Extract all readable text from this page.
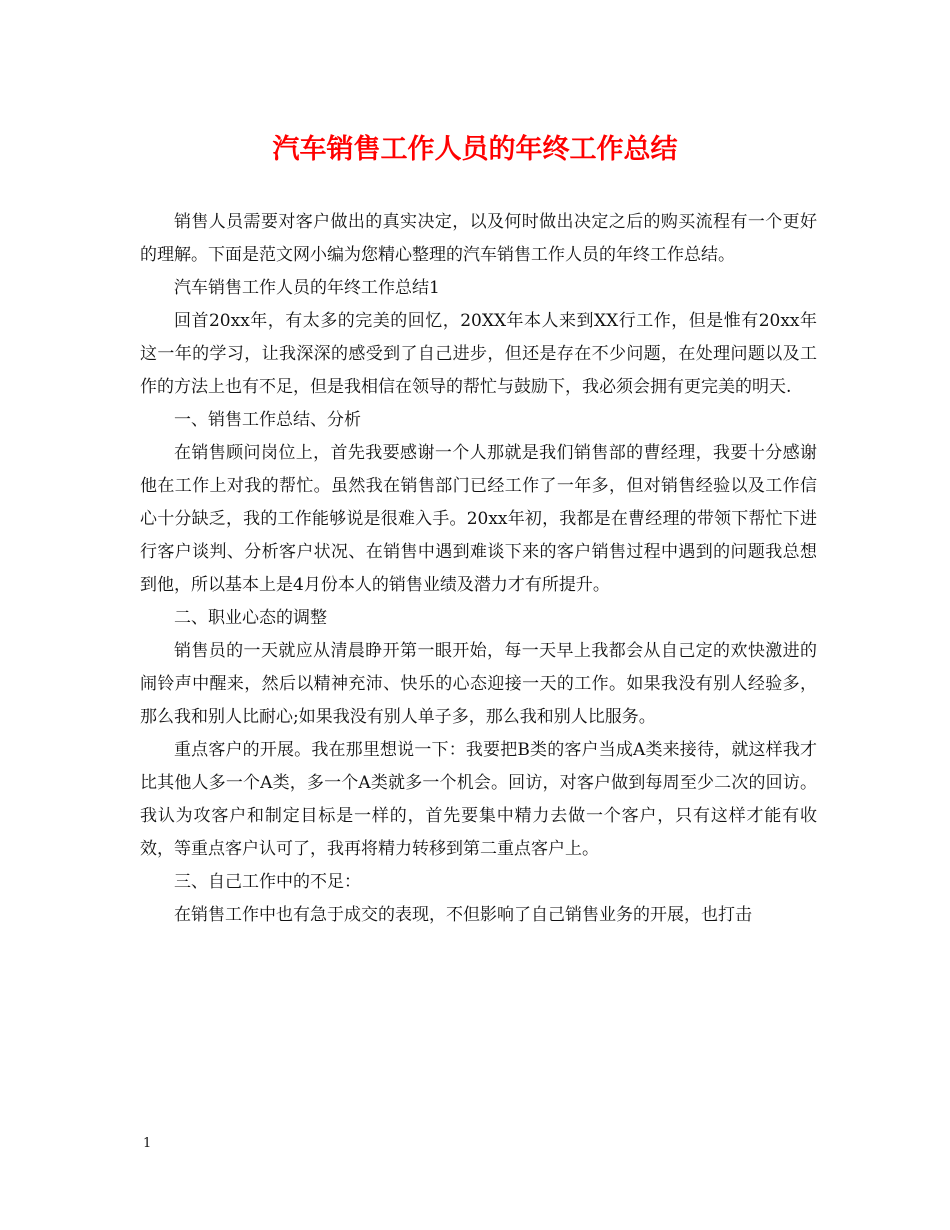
汽车销售工作人员的年终工作总结

销售人员需要对客户做出的真实决定，以及何时做出决定之后的购买流程有一个更好的理解。下面是范文网小编为您精心整理的汽车销售工作人员的年终工作总结。

汽车销售工作人员的年终工作总结1

回首20xx年，有太多的完美的回忆，20XX年本人来到XX行工作，但是惟有20xx年这一年的学习，让我深深的感受到了自己进步，但还是存在不少问题，在处理问题以及工作的方法上也有不足，但是我相信在领导的帮忙与鼓励下，我必须会拥有更完美的明天.

一、销售工作总结、分析

在销售顾问岗位上，首先我要感谢一个人那就是我们销售部的曹经理，我要十分感谢他在工作上对我的帮忙。虽然我在销售部门已经工作了一年多，但对销售经验以及工作信心十分缺乏，我的工作能够说是很难入手。20xx年初，我都是在曹经理的带领下帮忙下进行客户谈判、分析客户状况、在销售中遇到难谈下来的客户销售过程中遇到的问题我总想到他，所以基本上是4月份本人的销售业绩及潜力才有所提升。

二、职业心态的调整

销售员的一天就应从清晨睁开第一眼开始，每一天早上我都会从自己定的欢快激进的闹铃声中醒来，然后以精神充沛、快乐的心态迎接一天的工作。如果我没有别人经验多，那么我和别人比耐心;如果我没有别人单子多，那么我和别人比服务。

重点客户的开展。我在那里想说一下：我要把B类的客户当成A类来接待，就这样我才比其他人多一个A类，多一个A类就多一个机会。回访，对客户做到每周至少二次的回访。我认为攻客户和制定目标是一样的，首先要集中精力去做一个客户，只有这样才能有收效，等重点客户认可了，我再将精力转移到第二重点客户上。

三、自己工作中的不足：

在销售工作中也有急于成交的表现，不但影响了自己销售业务的开展，也打击

1
